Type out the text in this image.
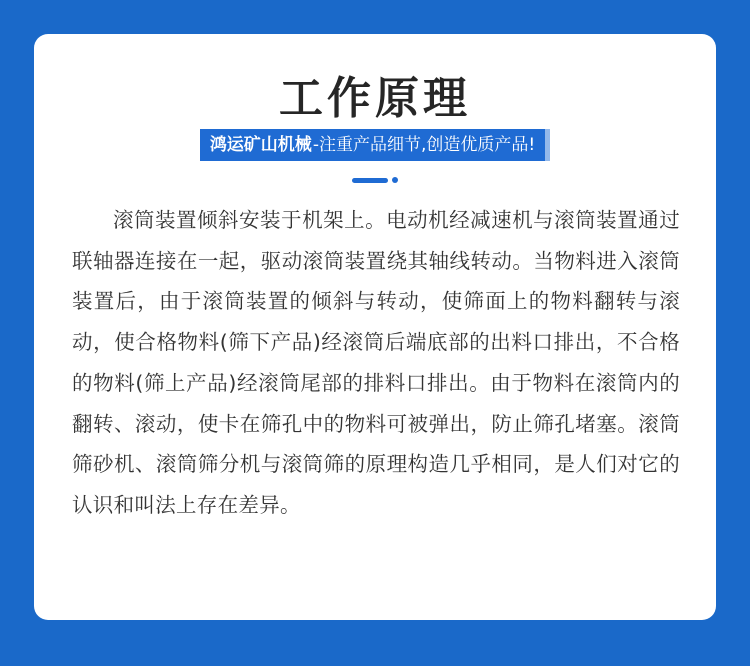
工作原理
鸿运矿山机械 -注重产品细节,创造优质产品!

滚筒装置倾斜安装于机架上。电动机经减速机与滚筒装置通过联轴器连接在一起，驱动滚筒装置绕其轴线转动。当物料进入滚筒装置后，由于滚筒装置的倾斜与转动，使筛面上的物料翻转与滚动，使合格物料(筛下产品)经滚筒后端底部的出料口排出，不合格的物料(筛上产品)经滚筒尾部的排料口排出。由于物料在滚筒内的翻转、滚动，使卡在筛孔中的物料可被弹出，防止筛孔堵塞。滚筒筛砂机、滚筒筛分机与滚筒筛的原理构造几乎相同，是人们对它的认识和叫法上存在差异。
